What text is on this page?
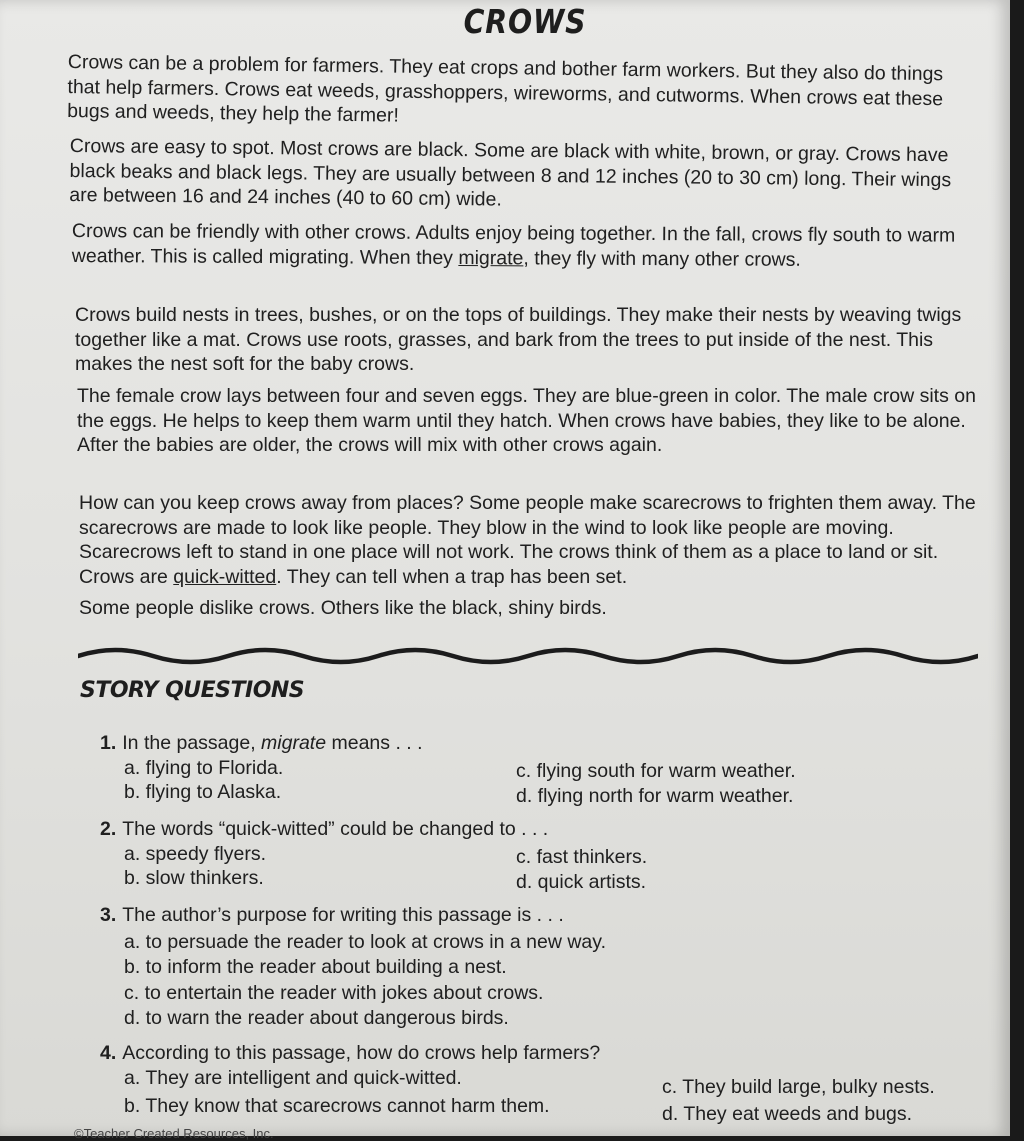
CROWS

Crows can be a problem for farmers. They eat crops and bother farm workers. But they also do things that help farmers. Crows eat weeds, grasshoppers, wireworms, and cutworms. When crows eat these bugs and weeds, they help the farmer!

Crows are easy to spot. Most crows are black. Some are black with white, brown, or gray. Crows have black beaks and black legs. They are usually between 8 and 12 inches (20 to 30 cm) long. Their wings are between 16 and 24 inches (40 to 60 cm) wide.

Crows can be friendly with other crows. Adults enjoy being together. In the fall, crows fly south to warm weather. This is called migrating. When they migrate, they fly with many other crows.

Crows build nests in trees, bushes, or on the tops of buildings. They make their nests by weaving twigs together like a mat. Crows use roots, grasses, and bark from the trees to put inside of the nest. This makes the nest soft for the baby crows.

The female crow lays between four and seven eggs. They are blue-green in color. The male crow sits on the eggs. He helps to keep them warm until they hatch. When crows have babies, they like to be alone. After the babies are older, the crows will mix with other crows again.

How can you keep crows away from places? Some people make scarecrows to frighten them away. The scarecrows are made to look like people. They blow in the wind to look like people are moving. Scarecrows left to stand in one place will not work. The crows think of them as a place to land or sit. Crows are quick-witted. They can tell when a trap has been set.

Some people dislike crows. Others like the black, shiny birds.

STORY QUESTIONS
1. In the passage, migrate means . . .
a. flying to Florida.
b. flying to Alaska.
c. flying south for warm weather.
d. flying north for warm weather.
2. The words “quick-witted” could be changed to . . .
a. speedy flyers.
b. slow thinkers.
c. fast thinkers.
d. quick artists.
3. The author’s purpose for writing this passage is . . .
a. to persuade the reader to look at crows in a new way.
b. to inform the reader about building a nest.
c. to entertain the reader with jokes about crows.
d. to warn the reader about dangerous birds.
4. According to this passage, how do crows help farmers?
a. They are intelligent and quick-witted.
b. They know that scarecrows cannot harm them.
c. They build large, bulky nests.
d. They eat weeds and bugs.
©Teacher Created Resources, Inc.
